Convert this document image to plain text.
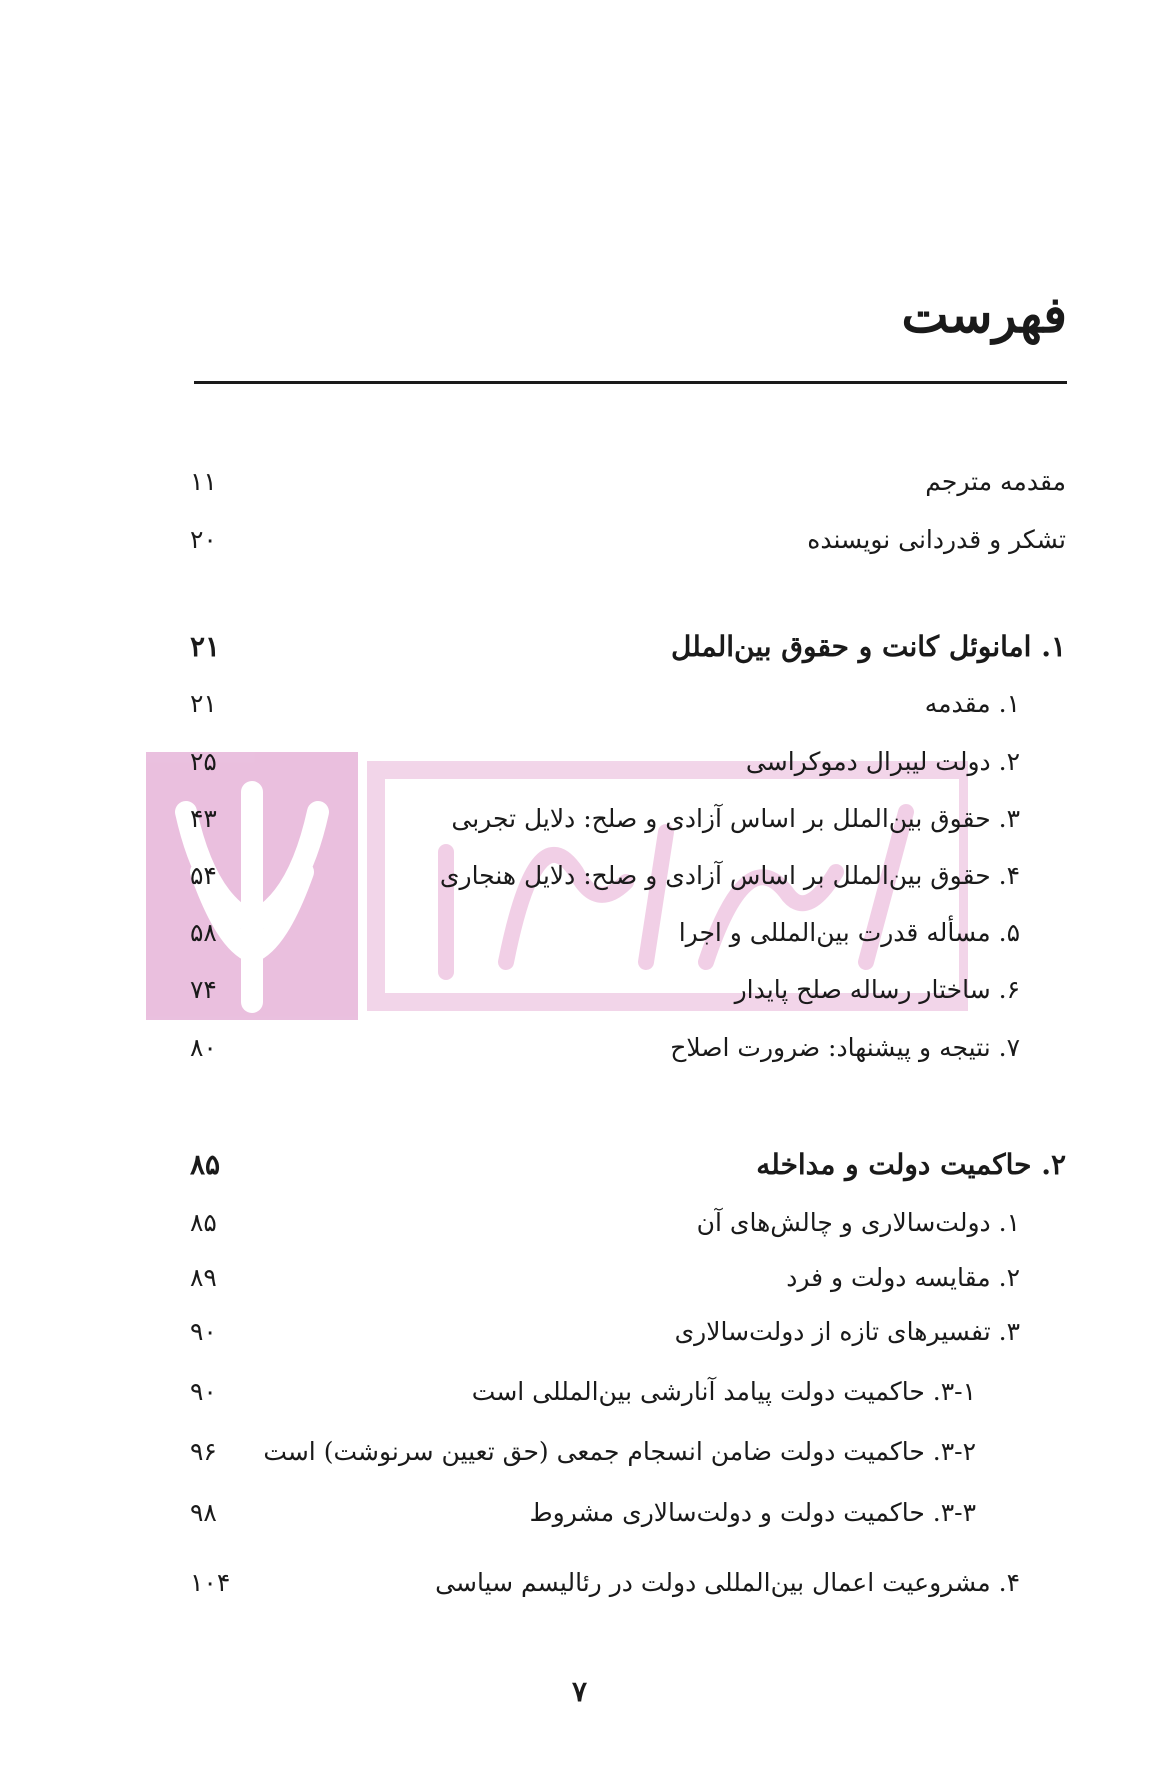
فهرست
مقدمه مترجم
۱۱
تشکر و قدردانی نویسنده
۲۰
۱. امانوئل کانت و حقوق بین‌الملل
۲۱
۱. مقدمه
۲۱
۲. دولت لیبرال دموکراسی
۲۵
۳. حقوق بین‌الملل بر اساس آزادی و صلح: دلایل تجربی
۴۳
۴. حقوق بین‌الملل بر اساس آزادی و صلح: دلایل هنجاری
۵۴
۵. مسأله قدرت بین‌المللی و اجرا
۵۸
۶. ساختار رساله صلح پایدار
۷۴
۷. نتیجه و پیشنهاد: ضرورت اصلاح
۸۰
۲. حاکمیت دولت و مداخله
۸۵
۱. دولت‌سالاری و چالش‌های آن
۸۵
۲. مقایسه دولت و فرد
۸۹
۳. تفسیرهای تازه از دولت‌سالاری
۹۰
۳-۱. حاکمیت دولت پیامد آنارشی بین‌المللی است
۹۰
۳-۲. حاکمیت دولت ضامن انسجام جمعی (حق تعیین سرنوشت) است
۹۶
۳-۳. حاکمیت دولت و دولت‌سالاری مشروط
۹۸
۴. مشروعیت اعمال بین‌المللی دولت در رئالیسم سیاسی
۱۰۴
۷
